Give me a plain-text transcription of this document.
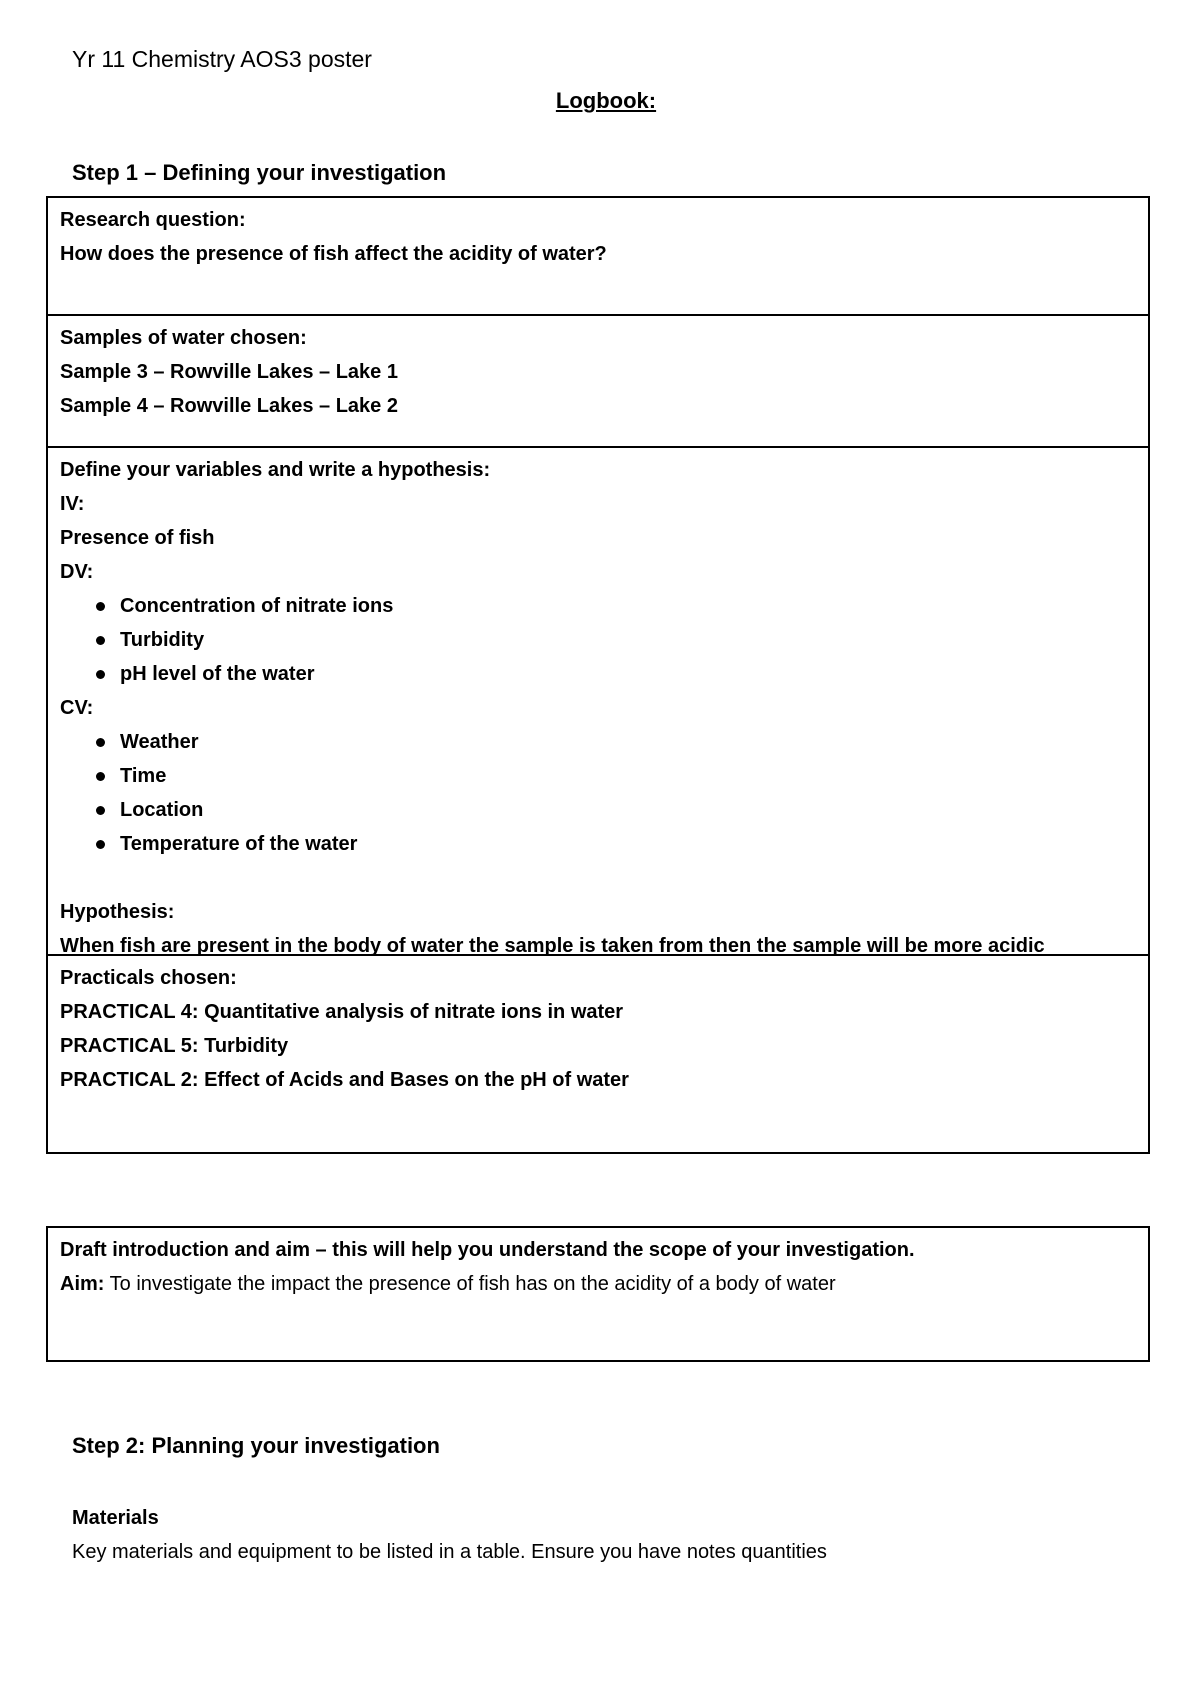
Yr 11 Chemistry AOS3 poster
Logbook:
Step 1 – Defining your investigation
Research question:
How does the presence of fish affect the acidity of water?
Samples of water chosen:
Sample 3 – Rowville Lakes – Lake 1
Sample 4 – Rowville Lakes – Lake 2
Define your variables and write a hypothesis:
IV:
Presence of fish
DV:
Concentration of nitrate ions
Turbidity
pH level of the water
CV:
Weather
Time
Location
Temperature of the water
Hypothesis:
When fish are present in the body of water the sample is taken from then the sample will be more acidic
Practicals chosen:
PRACTICAL 4: Quantitative analysis of nitrate ions in water
PRACTICAL 5: Turbidity
PRACTICAL 2: Effect of Acids and Bases on the pH of water
Draft introduction and aim – this will help you understand the scope of your investigation.
Aim: To investigate the impact the presence of fish has on the acidity of a body of water
Step 2: Planning your investigation
Materials
Key materials and equipment to be listed in a table. Ensure you have notes quantities
